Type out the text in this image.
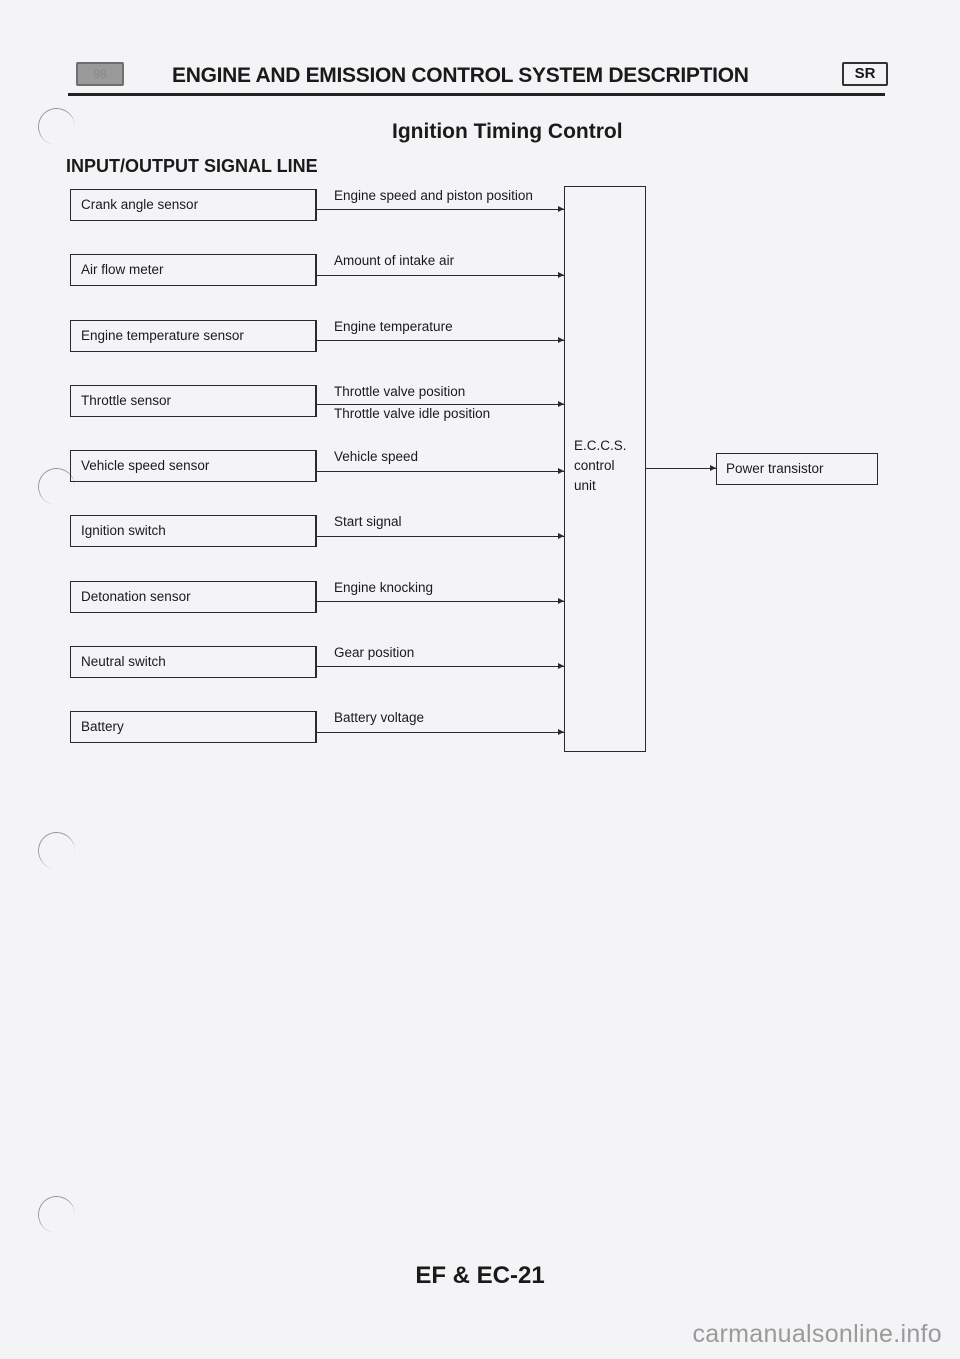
98	ENGINE AND EMISSION CONTROL SYSTEM DESCRIPTION	SR
Ignition Timing Control
INPUT/OUTPUT SIGNAL LINE
Crank angle sensor
Engine speed and piston position
Air flow meter
Amount of intake air
Engine temperature sensor
Engine temperature
Throttle sensor
Throttle valve position
Throttle valve idle position
Vehicle speed sensor
Vehicle speed
Ignition switch
Start signal
Detonation sensor
Engine knocking
Neutral switch
Gear position
Battery
Battery voltage
E.C.C.S.
control
unit
Power transistor
EF & EC-21
carmanualsonline.info
